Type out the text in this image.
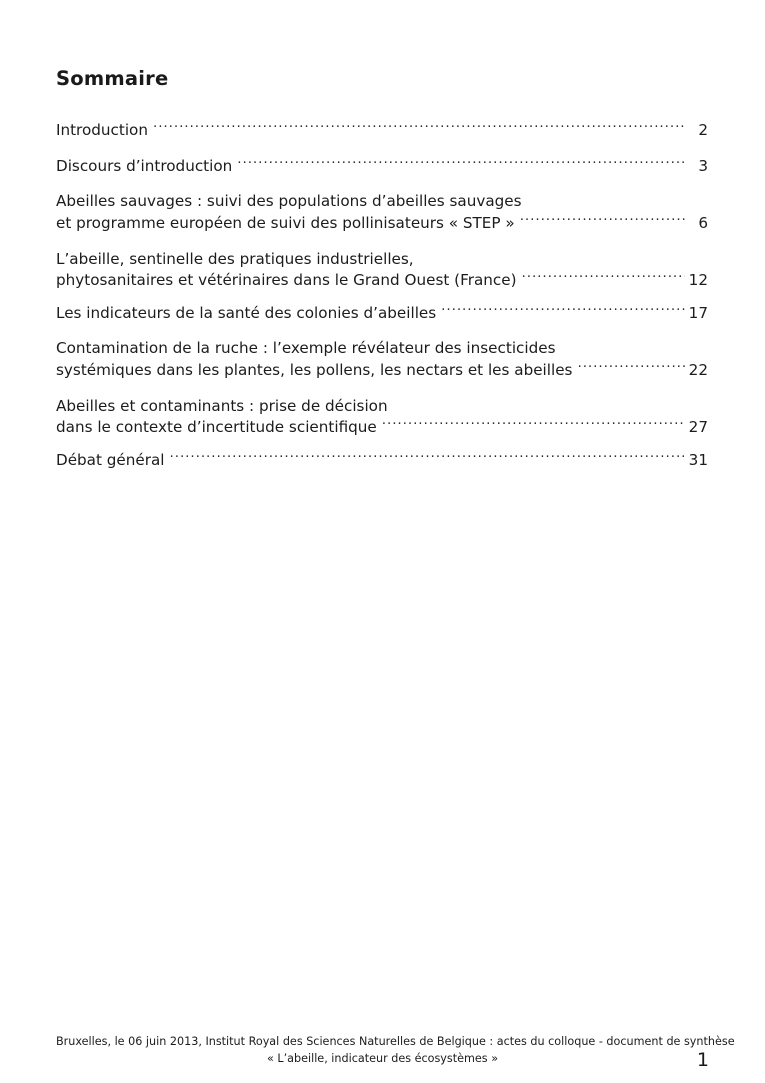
Sommaire
Introduction .....	2
Discours d’introduction .....	3
Abeilles sauvages : suivi des populations d’abeilles sauvages
et programme européen de suivi des pollinisateurs « STEP » .....	6
L’abeille, sentinelle des pratiques industrielles,
phytosanitaires et vétérinaires dans le Grand Ouest (France) .....	12
Les indicateurs de la santé des colonies d’abeilles .....	17
Contamination de la ruche : l’exemple révélateur des insecticides
systémiques dans les plantes, les pollens, les nectars et les abeilles .....	22
Abeilles et contaminants : prise de décision
dans le contexte d’incertitude scientifique .....	27
Débat général .....	31
Bruxelles, le 06 juin 2013, Institut Royal des Sciences Naturelles de Belgique : actes du colloque - document de synthèse
« L’abeille, indicateur des écosystèmes »	1
